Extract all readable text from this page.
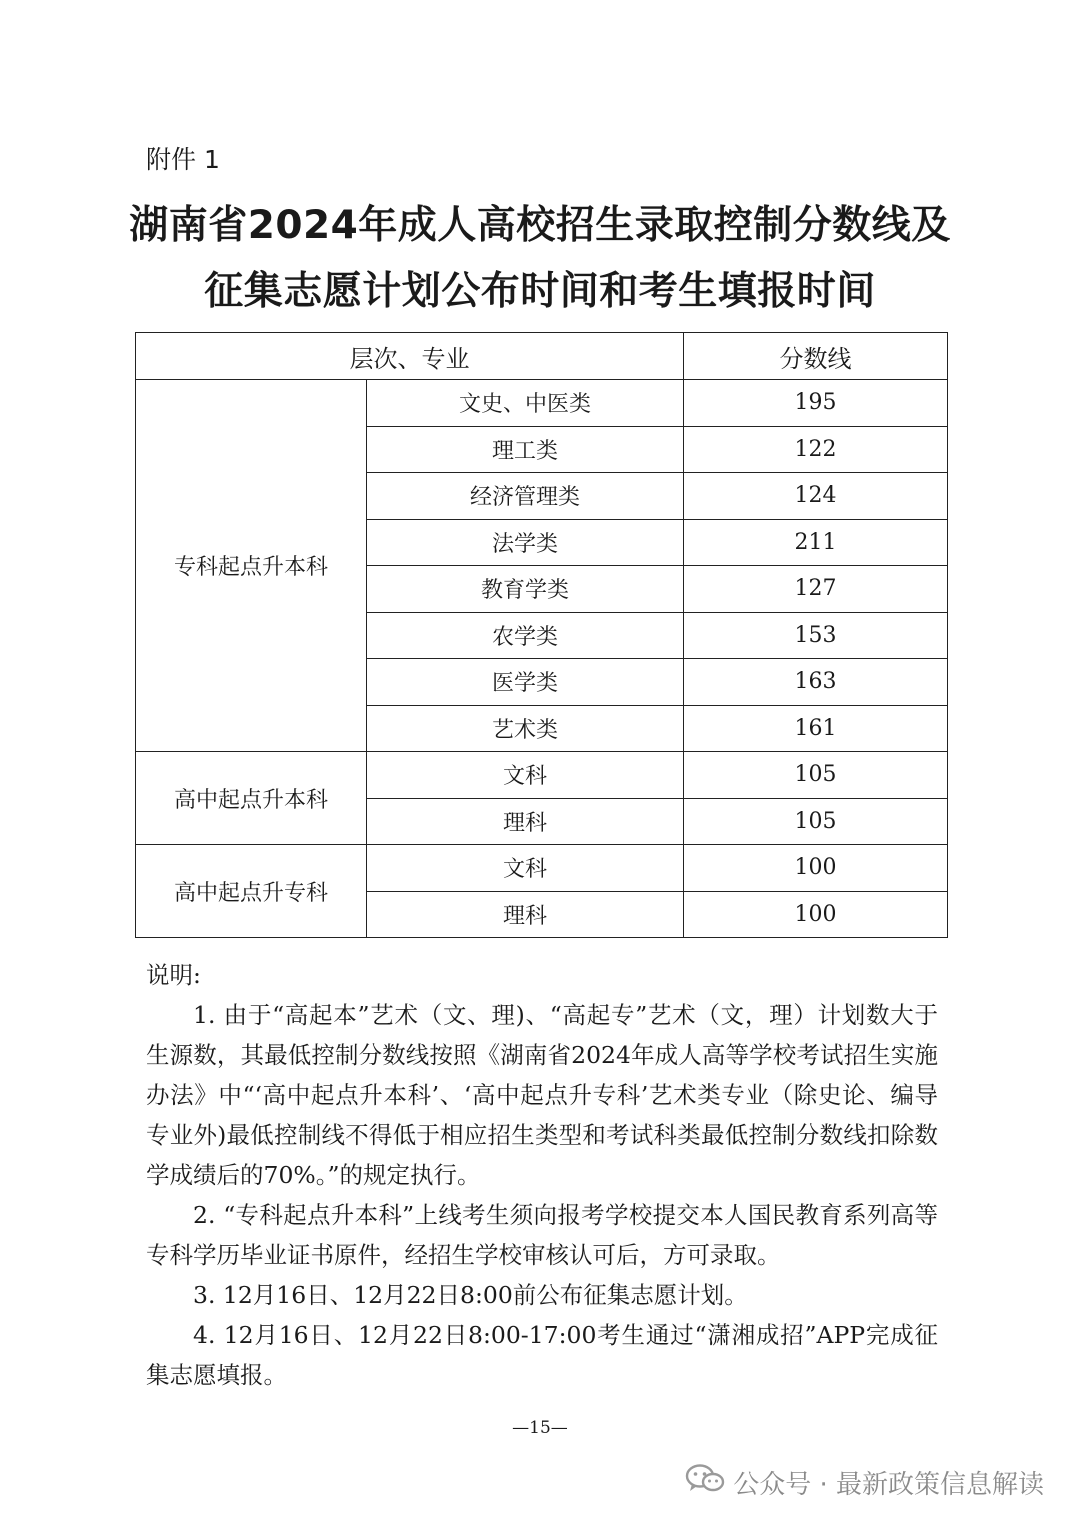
附件 1
湖南省2024年成人高校招生录取控制分数线及
征集志愿计划公布时间和考生填报时间
层次、专业		分数线
专科起点升本科	文史、中医类	195
	理工类	122
	经济管理类	124
	法学类	211
	教育学类	127
	农学类	153
	医学类	163
	艺术类	161
高中起点升本科	文科	105
	理科	105
高中起点升专科	文科	100
	理科	100

说明:

1. 由于“高起本”艺术（文、理)、“高起专”艺术（文，理）计划数大于生源数，其最低控制分数线按照《湖南省2024年成人高等学校考试招生实施办法》中“‘高中起点升本科’、‘高中起点升专科’艺术类专业（除史论、编导专业外)最低控制线不得低于相应招生类型和考试科类最低控制分数线扣除数学成绩后的70%。”的规定执行。

2. “专科起点升本科”上线考生须向报考学校提交本人国民教育系列高等专科学历毕业证书原件，经招生学校审核认可后，方可录取。

3. 12月16日、12月22日8:00前公布征集志愿计划。

4. 12月16日、12月22日8:00-17:00考生通过“潇湘成招”APP完成征集志愿填报。

—15—
公众号 · 最新政策信息解读
